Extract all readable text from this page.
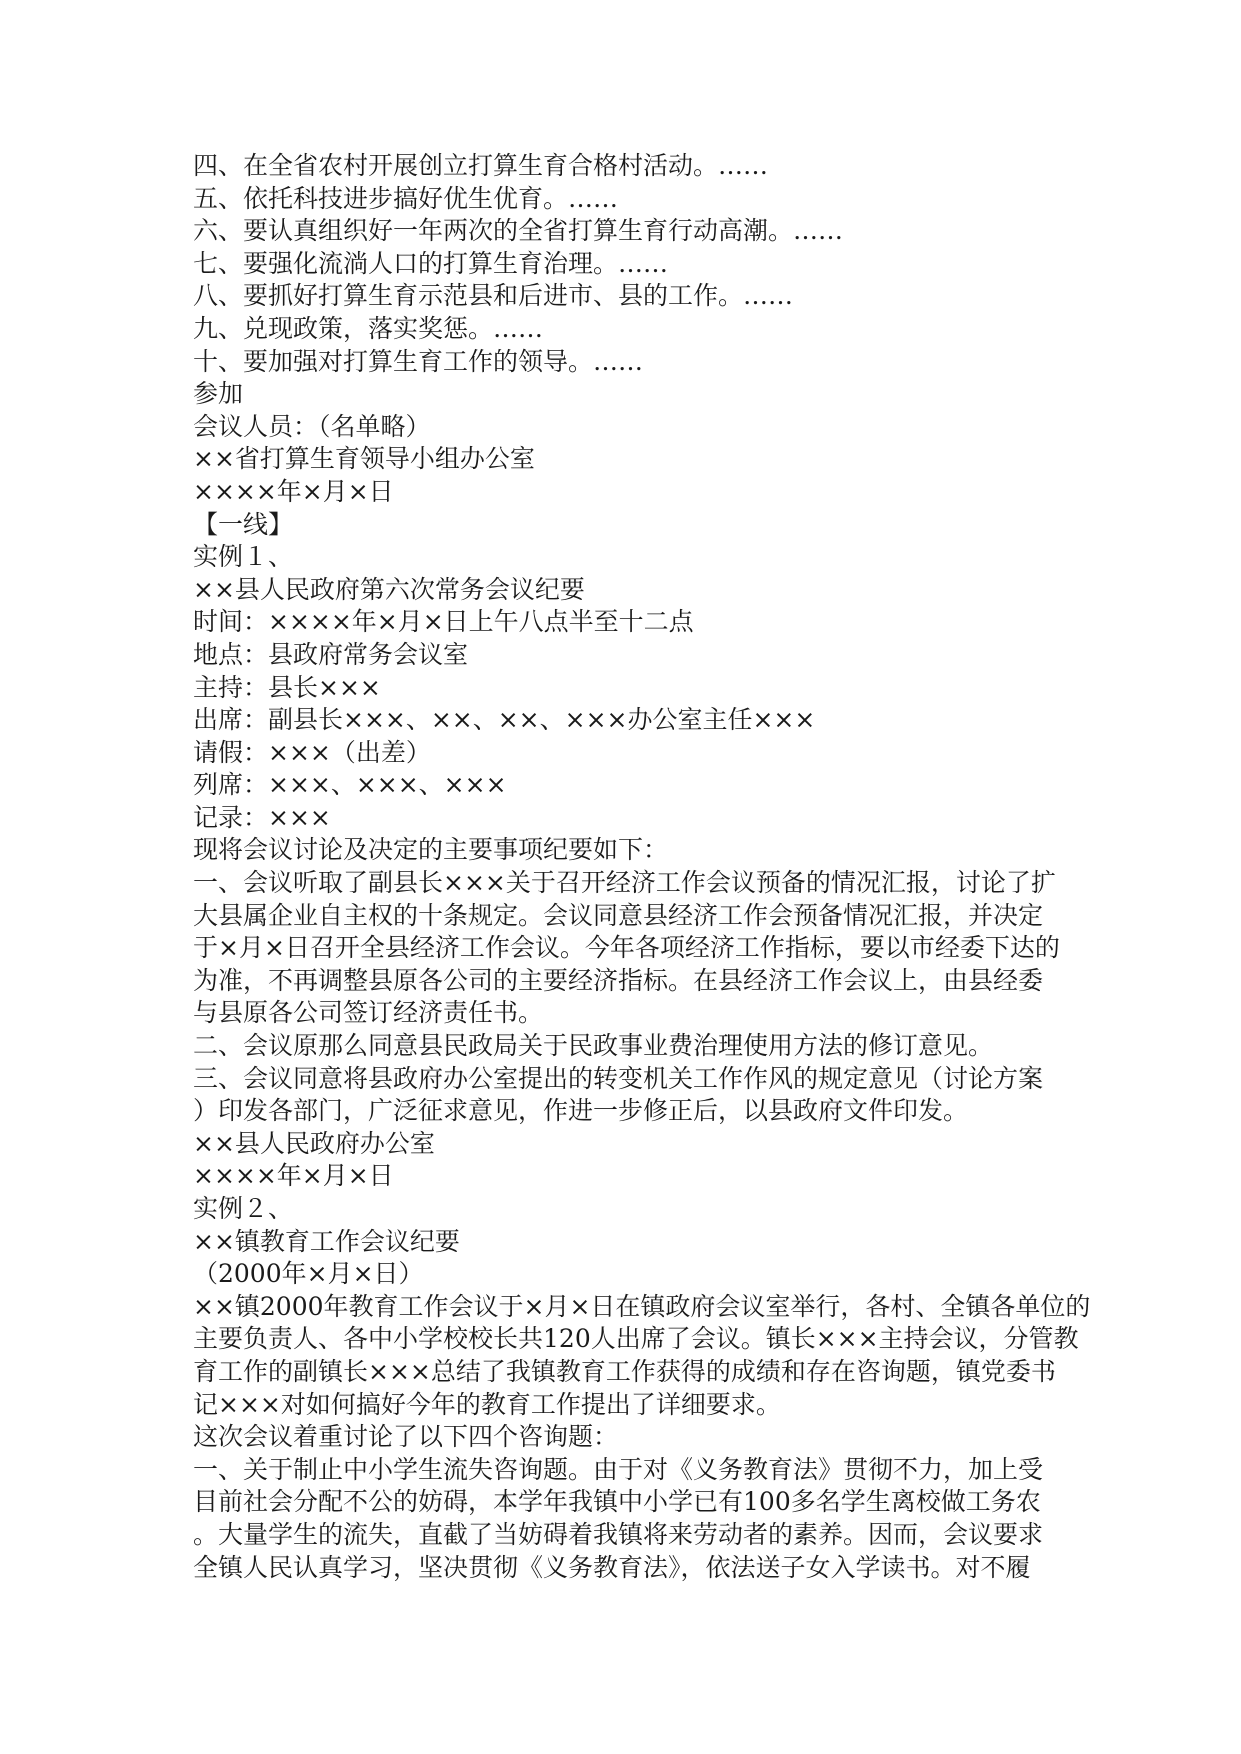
四、在全省农村开展创立打算生育合格村活动。……
五、依托科技进步搞好优生优育。……
六、要认真组织好一年两次的全省打算生育行动高潮。……
七、要强化流淌人口的打算生育治理。……
八、要抓好打算生育示范县和后进市、县的工作。……
九、兑现政策，落实奖惩。……
十、要加强对打算生育工作的领导。……
参加
会议人员：（名单略）
××省打算生育领导小组办公室
××××年×月×日
【一线】
实例１、
××县人民政府第六次常务会议纪要
时间：××××年×月×日上午八点半至十二点
地点：县政府常务会议室
主持：县长×××
出席：副县长×××、××、××、×××办公室主任×××
请假：×××（出差）
列席：×××、×××、×××
记录：×××
现将会议讨论及决定的主要事项纪要如下：
一、会议听取了副县长×××关于召开经济工作会议预备的情况汇报，讨论了扩
大县属企业自主权的十条规定。会议同意县经济工作会预备情况汇报，并决定
于×月×日召开全县经济工作会议。今年各项经济工作指标，要以市经委下达的
为准，不再调整县原各公司的主要经济指标。在县经济工作会议上，由县经委
与县原各公司签订经济责任书。
二、会议原那么同意县民政局关于民政事业费治理使用方法的修订意见。
三、会议同意将县政府办公室提出的转变机关工作作风的规定意见（讨论方案
）印发各部门，广泛征求意见，作进一步修正后，以县政府文件印发。
××县人民政府办公室
××××年×月×日
实例２、
××镇教育工作会议纪要
（2000年×月×日）
××镇2000年教育工作会议于×月×日在镇政府会议室举行，各村、全镇各单位的
主要负责人、各中小学校校长共120人出席了会议。镇长×××主持会议，分管教
育工作的副镇长×××总结了我镇教育工作获得的成绩和存在咨询题，镇党委书
记×××对如何搞好今年的教育工作提出了详细要求。
这次会议着重讨论了以下四个咨询题：
一、关于制止中小学生流失咨询题。由于对《义务教育法》贯彻不力，加上受
目前社会分配不公的妨碍，本学年我镇中小学已有100多名学生离校做工务农
。大量学生的流失，直截了当妨碍着我镇将来劳动者的素养。因而，会议要求
全镇人民认真学习，坚决贯彻《义务教育法》，依法送子女入学读书。对不履
